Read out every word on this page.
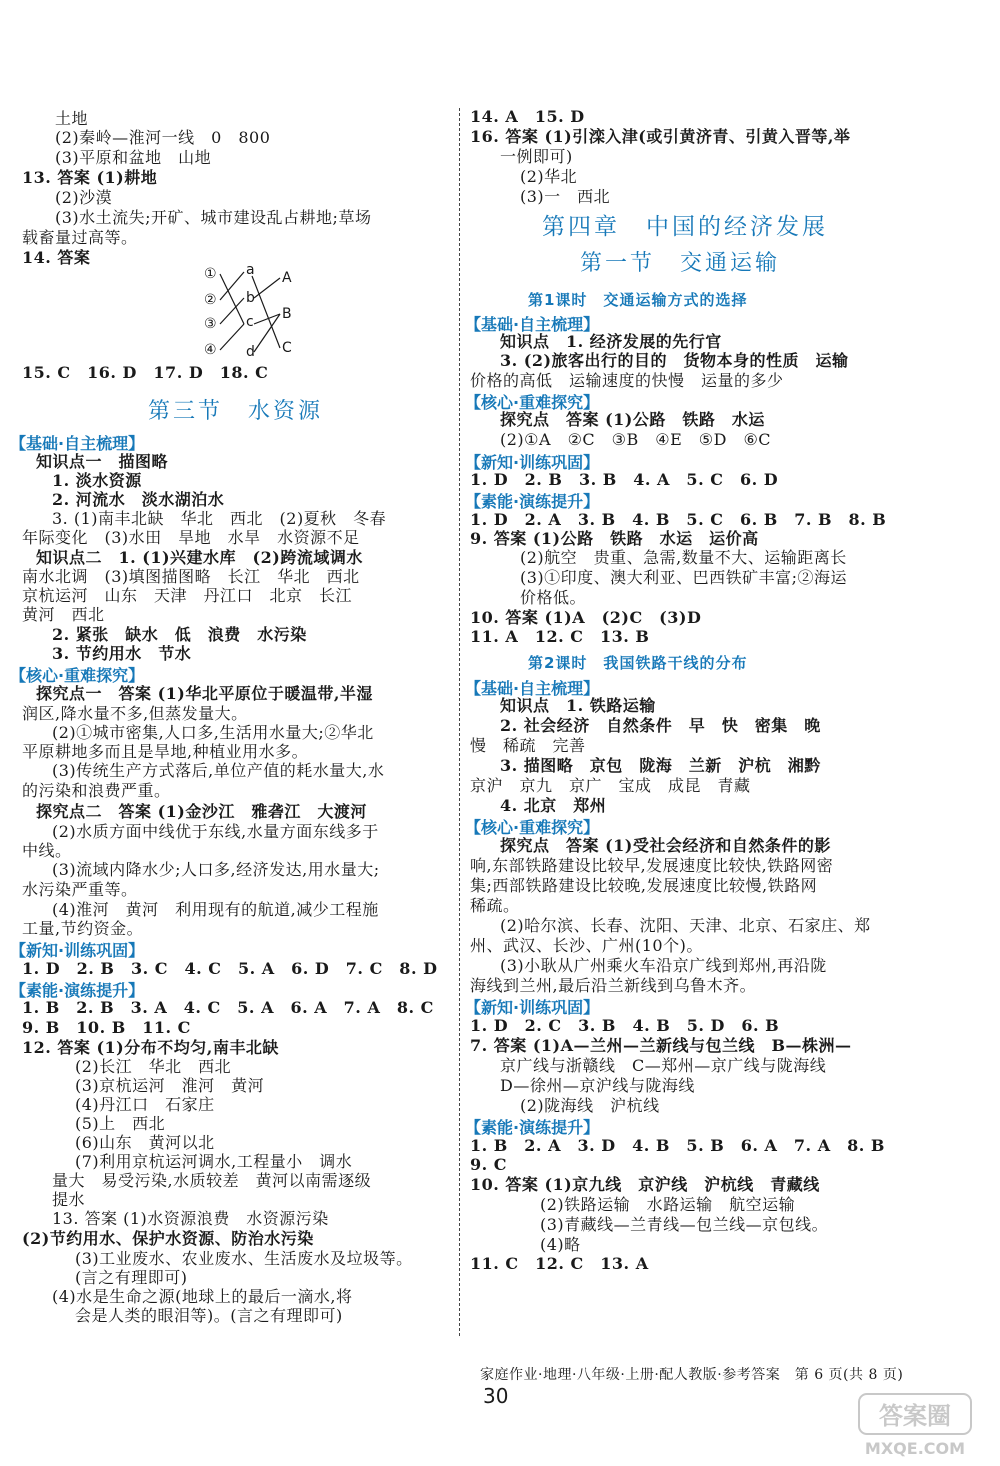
土地
(2)秦岭—淮河一线　0　800
(3)平原和盆地　山地
13. 答案 (1)耕地
(2)沙漠
(3)水土流失;开矿、城市建设乱占耕地;草场
载畜量过高等。
14. 答案
①
②
③
④
a
b
c
d
A
B
C
15. C　16. D　17. D　18. C
第三节　水资源
【基础·自主梳理】
知识点一　描图略
1. 淡水资源
2. 河流水　淡水湖泊水
3. (1)南丰北缺　华北　西北　(2)夏秋　冬春
年际变化　(3)水田　旱地　水旱　水资源不足
知识点二　1. (1)兴建水库　(2)跨流域调水
南水北调　(3)填图描图略　长江　华北　西北
京杭运河　山东　天津　丹江口　北京　长江
黄河　西北
2. 紧张　缺水　低　浪费　水污染
3. 节约用水　节水
【核心·重难探究】
探究点一　答案 (1)华北平原位于暖温带,半湿
润区,降水量不多,但蒸发量大。
(2)①城市密集,人口多,生活用水量大;②华北
平原耕地多而且是旱地,种植业用水多。
(3)传统生产方式落后,单位产值的耗水量大,水
的污染和浪费严重。
探究点二　答案 (1)金沙江　雅砻江　大渡河
(2)水质方面中线优于东线,水量方面东线多于
中线。
(3)流域内降水少;人口多,经济发达,用水量大;
水污染严重等。
(4)淮河　黄河　利用现有的航道,减少工程施
工量,节约资金。
【新知·训练巩固】
1. D　2. B　3. C　4. C　5. A　6. D　7. C　8. D
【素能·演练提升】
1. B　2. B　3. A　4. C　5. A　6. A　7. A　8. C
9. B　10. B　11. C
12. 答案 (1)分布不均匀,南丰北缺
(2)长江　华北　西北
(3)京杭运河　淮河　黄河
(4)丹江口　石家庄
(5)上　西北
(6)山东　黄河以北
(7)利用京杭运河调水,工程量小　调水
量大　易受污染,水质较差　黄河以南需逐级
提水
13. 答案 (1)水资源浪费　水资源污染
(2)节约用水、保护水资源、防治水污染
(3)工业废水、农业废水、生活废水及垃圾等。
(言之有理即可)
(4)水是生命之源(地球上的最后一滴水,将
会是人类的眼泪等)。(言之有理即可)
14. A　15. D
16. 答案 (1)引滦入津(或引黄济青、引黄入晋等,举
一例即可)
(2)华北
(3)一　西北
第四章　中国的经济发展
第一节　交通运输
第1课时　交通运输方式的选择
【基础·自主梳理】
知识点　1. 经济发展的先行官
3. (2)旅客出行的目的　货物本身的性质　运输
价格的高低　运输速度的快慢　运量的多少
【核心·重难探究】
探究点　答案 (1)公路　铁路　水运
(2)①A　②C　③B　④E　⑤D　⑥C
【新知·训练巩固】
1. D　2. B　3. B　4. A　5. C　6. D
【素能·演练提升】
1. D　2. A　3. B　4. B　5. C　6. B　7. B　8. B
9. 答案 (1)公路　铁路　水运　运价高
(2)航空　贵重、急需,数量不大、运输距离长
(3)①印度、澳大利亚、巴西铁矿丰富;②海运
价格低。
10. 答案 (1)A　(2)C　(3)D
11. A　12. C　13. B
第2课时　我国铁路干线的分布
【基础·自主梳理】
知识点　1. 铁路运输
2. 社会经济　自然条件　早　快　密集　晚
慢　稀疏　完善
3. 描图略　京包　陇海　兰新　沪杭　湘黔
京沪　京九　京广　宝成　成昆　青藏
4. 北京　郑州
【核心·重难探究】
探究点　答案 (1)受社会经济和自然条件的影
响,东部铁路建设比较早,发展速度比较快,铁路网密
集;西部铁路建设比较晚,发展速度比较慢,铁路网
稀疏。
(2)哈尔滨、长春、沈阳、天津、北京、石家庄、郑
州、武汉、长沙、广州(10个)。
(3)小耿从广州乘火车沿京广线到郑州,再沿陇
海线到兰州,最后沿兰新线到乌鲁木齐。
【新知·训练巩固】
1. D　2. C　3. B　4. B　5. D　6. B
7. 答案 (1)A—兰州—兰新线与包兰线　B—株洲—
京广线与浙赣线　C—郑州—京广线与陇海线
D—徐州—京沪线与陇海线
(2)陇海线　沪杭线
【素能·演练提升】
1. B　2. A　3. D　4. B　5. B　6. A　7. A　8. B
9. C
10. 答案 (1)京九线　京沪线　沪杭线　青藏线
(2)铁路运输　水路运输　航空运输
(3)青藏线—兰青线—包兰线—京包线。
(4)略
11. C　12. C　13. A
家庭作业·地理·八年级·上册·配人教版·参考答案　第 6 页(共 8 页)
30
答案圈
MXQE.COM
